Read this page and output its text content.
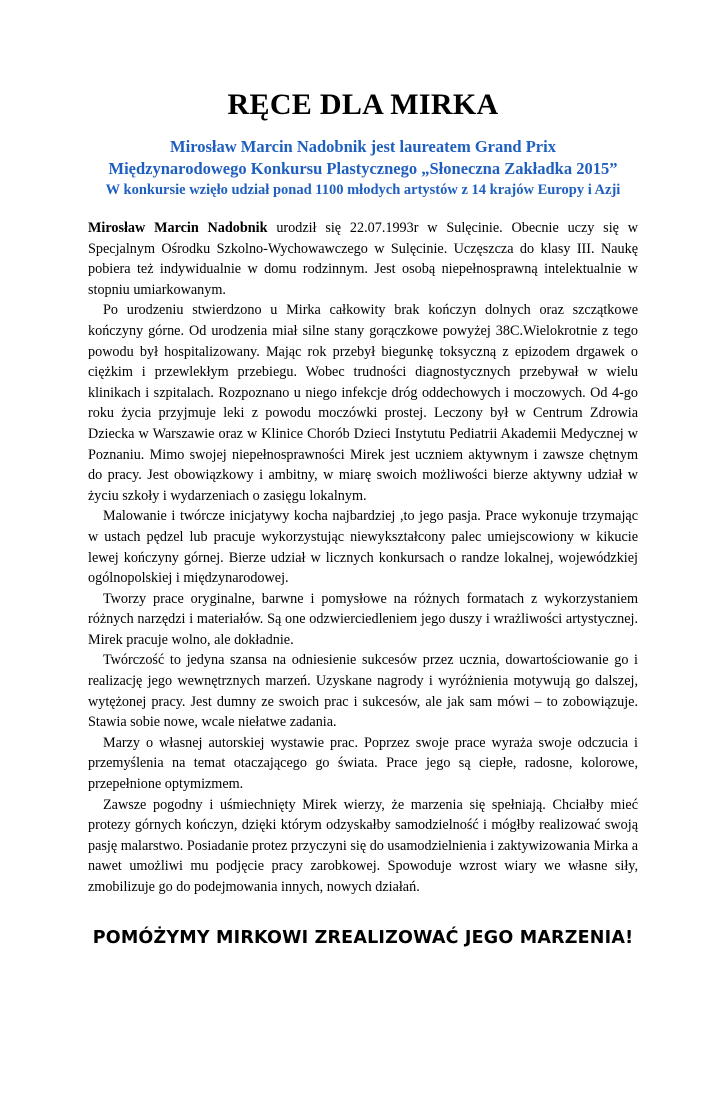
RĘCE DLA MIRKA
Mirosław Marcin Nadobnik jest laureatem Grand Prix
Międzynarodowego Konkursu Plastycznego „Słoneczna Zakładka 2015”
W konkursie wzięło udział ponad 1100 młodych artystów z 14 krajów Europy i Azji

Mirosław Marcin Nadobnik urodził się 22.07.1993r w Sulęcinie. Obecnie uczy się w Specjalnym Ośrodku Szkolno-Wychowawczego w Sulęcinie. Uczęszcza do klasy III. Naukę pobiera też indywidualnie w domu rodzinnym. Jest osobą niepełnosprawną intelektualnie w stopniu umiarkowanym.

Po urodzeniu stwierdzono u Mirka całkowity brak kończyn dolnych oraz szczątkowe kończyny górne. Od urodzenia miał silne stany gorączkowe powyżej 38C.Wielokrotnie z tego powodu był hospitalizowany. Mając rok przebył biegunkę toksyczną z epizodem drgawek o ciężkim i przewlekłym przebiegu. Wobec trudności diagnostycznych przebywał w wielu klinikach i szpitalach. Rozpoznano u niego infekcje dróg oddechowych i moczowych. Od 4-go roku życia przyjmuje leki z powodu moczówki prostej. Leczony był w Centrum Zdrowia Dziecka w Warszawie oraz w Klinice Chorób Dzieci Instytutu Pediatrii Akademii Medycznej w Poznaniu. Mimo swojej niepełnosprawności Mirek jest uczniem aktywnym i zawsze chętnym do pracy. Jest obowiązkowy i ambitny, w miarę swoich możliwości bierze aktywny udział w życiu szkoły i wydarzeniach o zasięgu lokalnym.

Malowanie i twórcze inicjatywy kocha najbardziej ,to jego pasja. Prace wykonuje trzymając w ustach pędzel lub pracuje wykorzystując niewykształcony palec umiejscowiony w kikucie lewej kończyny górnej. Bierze udział w licznych konkursach o randze lokalnej, wojewódzkiej ogólnopolskiej i międzynarodowej.

Tworzy prace oryginalne, barwne i pomysłowe na różnych formatach z wykorzystaniem różnych narzędzi i materiałów. Są one odzwierciedleniem jego duszy i wrażliwości artystycznej. Mirek pracuje wolno, ale dokładnie.

Twórczość to jedyna szansa na odniesienie sukcesów przez ucznia, dowartościowanie go i realizację jego wewnętrznych marzeń. Uzyskane nagrody i wyróżnienia motywują go dalszej, wytężonej pracy. Jest dumny ze swoich prac i sukcesów, ale jak sam mówi – to zobowiązuje. Stawia sobie nowe, wcale niełatwe zadania.

Marzy o własnej autorskiej wystawie prac. Poprzez swoje prace wyraża swoje odczucia i przemyślenia na temat otaczającego go świata. Prace jego są ciepłe, radosne, kolorowe, przepełnione optymizmem.

Zawsze pogodny i uśmiechnięty Mirek wierzy, że marzenia się spełniają. Chciałby mieć protezy górnych kończyn, dzięki którym odzyskałby samodzielność i mógłby realizować swoją pasję malarstwo. Posiadanie protez przyczyni się do usamodzielnienia i zaktywizowania Mirka a nawet umożliwi mu podjęcie pracy zarobkowej. Spowoduje wzrost wiary we własne siły, zmobilizuje go do podejmowania innych, nowych działań.

POMÓŻYMY MIRKOWI ZREALIZOWAĆ JEGO MARZENIA!
